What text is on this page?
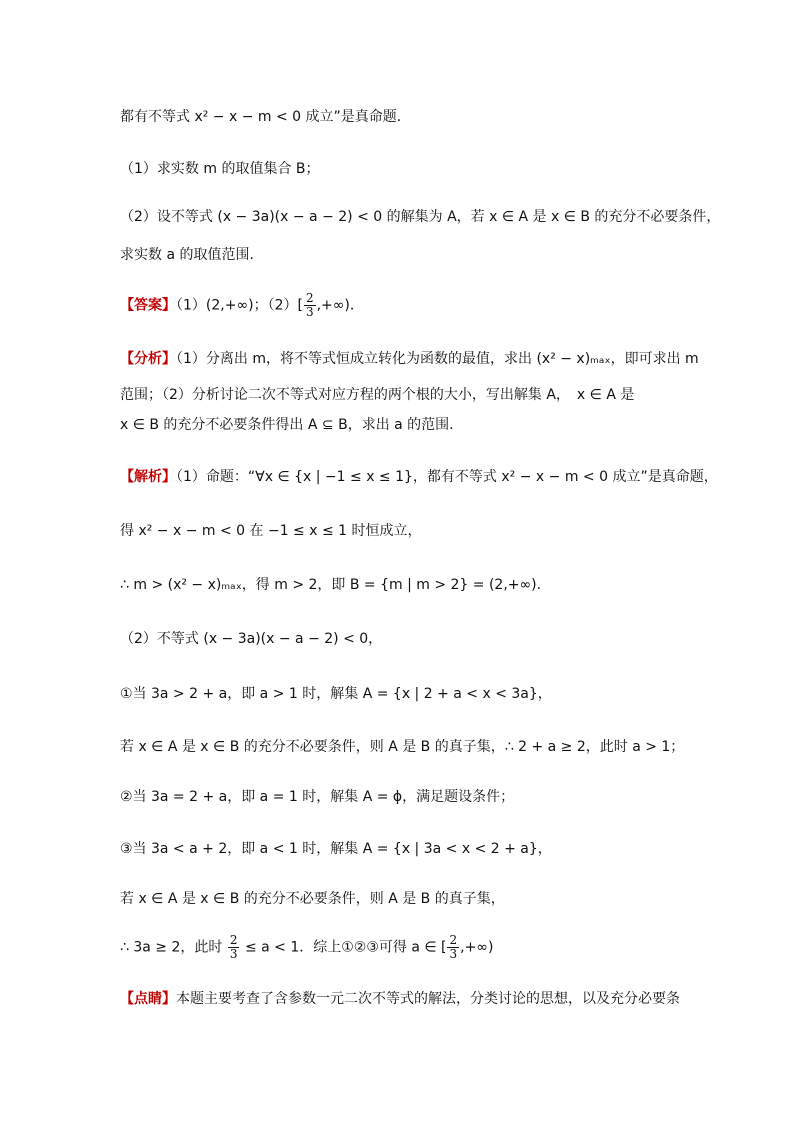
都有不等式 x² − x − m < 0 成立”是真命题．
（1）求实数 m 的取值集合 B；
（2）设不等式 (x − 3a)(x − a − 2) < 0 的解集为 A，若 x ∈ A 是 x ∈ B 的充分不必要条件，
求实数 a 的取值范围．
【答案】（1）(2,+∞)；$(2)[ \frac{2}{3}$ ,+∞)．
【分析】（1）分离出 m，将不等式恒成立转化为函数的最值，求出 (x² − x)ₘₐₓ，即可求出 m
范围；（2）分析讨论二次不等式对应方程的两个根的大小，写出解集 A，　x ∈ A 是
x ∈ B 的充分不必要条件得出 A ⊆ B，求出 a 的范围．
【解析】（1）命题：“∀x ∈ {x | −1 ≤ x ≤ 1}，都有不等式 x² − x − m < 0 成立”是真命题，
得 x² − x − m < 0 在 −1 ≤ x ≤ 1 时恒成立，
∴ m > (x² − x)ₘₐₓ，得 m > 2，即 B = {m | m > 2} = (2,+∞)．
（2）不等式 (x − 3a)(x − a − 2) < 0，
①当 3a > 2 + a，即 a > 1 时，解集 A = {x | 2 + a < x < 3a}，
若 x ∈ A 是 x ∈ B 的充分不必要条件，则 A 是 B 的真子集，∴ 2 + a ≥ 2，此时 a > 1；
②当 3a = 2 + a，即 a = 1 时，解集 A = ϕ，满足题设条件；
③当 3a < a + 2，即 a < 1 时，解集 A = {x | 3a < x < 2 + a}，
若 x ∈ A 是 x ∈ B 的充分不必要条件，则 A 是 B 的真子集，
∴ 3a ≥ 2，此时 $\frac{2}{3} \le a < 1$．综上①②③可得 a ∈ [ $\frac{2}{3}$ ,+∞)
【点睛】本题主要考查了含参数一元二次不等式的解法，分类讨论的思想，以及充分必要条
